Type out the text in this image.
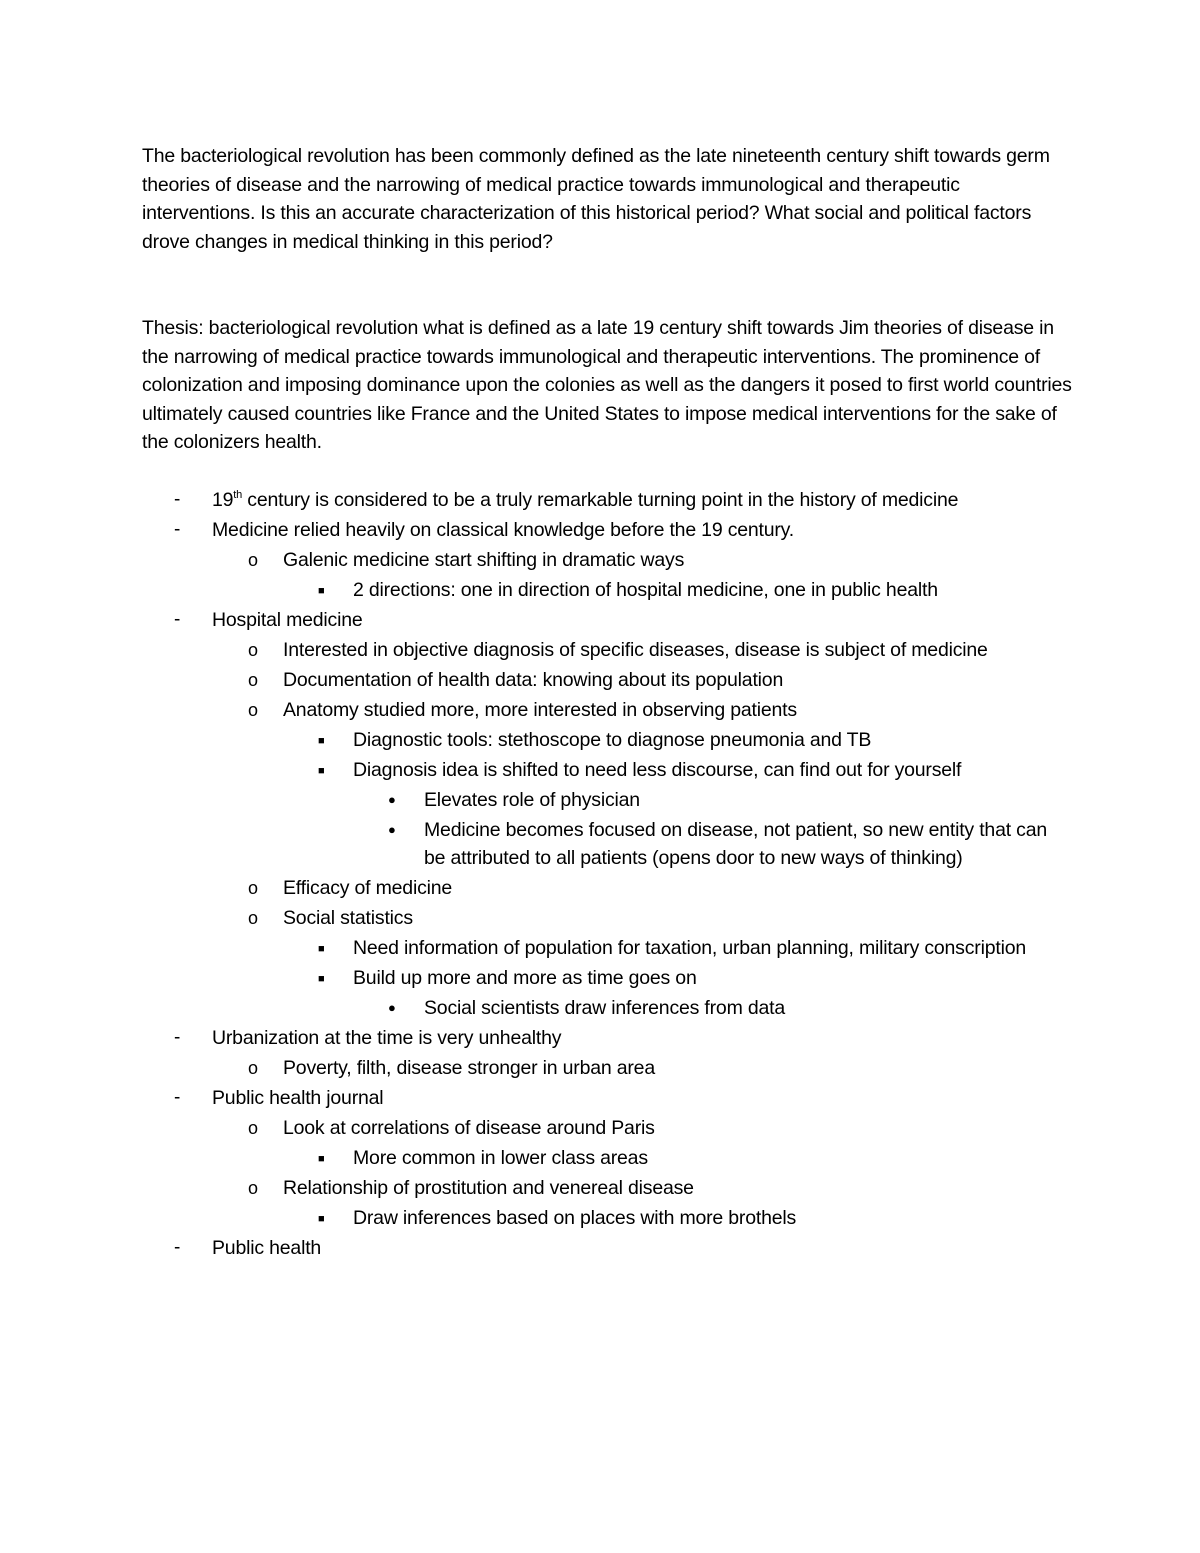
The bacteriological revolution has been commonly defined as the late nineteenth century shift towards germ theories of disease and the narrowing of medical practice towards immunological and therapeutic interventions. Is this an accurate characterization of this historical period? What social and political factors drove changes in medical thinking in this period?

Thesis: bacteriological revolution what is defined as a late 19 century shift towards Jim theories of disease in the narrowing of medical practice towards immunological and therapeutic interventions. The prominence of colonization and imposing dominance upon the colonies as well as the dangers it posed to first world countries ultimately caused countries like France and the United States to impose medical interventions for the sake of the colonizers health.

- 19th century is considered to be a truly remarkable turning point in the history of medicine
- Medicine relied heavily on classical knowledge before the 19 century.
o Galenic medicine start shifting in dramatic ways
■ 2 directions: one in direction of hospital medicine, one in public health
- Hospital medicine
o Interested in objective diagnosis of specific diseases, disease is subject of medicine
o Documentation of health data: knowing about its population
o Anatomy studied more, more interested in observing patients
■ Diagnostic tools: stethoscope to diagnose pneumonia and TB
■ Diagnosis idea is shifted to need less discourse, can find out for yourself
● Elevates role of physician
● Medicine becomes focused on disease, not patient, so new entity that can be attributed to all patients (opens door to new ways of thinking)
o Efficacy of medicine
o Social statistics
■ Need information of population for taxation, urban planning, military conscription
■ Build up more and more as time goes on
● Social scientists draw inferences from data
- Urbanization at the time is very unhealthy
o Poverty, filth, disease stronger in urban area
- Public health journal
o Look at correlations of disease around Paris
■ More common in lower class areas
o Relationship of prostitution and venereal disease
■ Draw inferences based on places with more brothels
- Public health
